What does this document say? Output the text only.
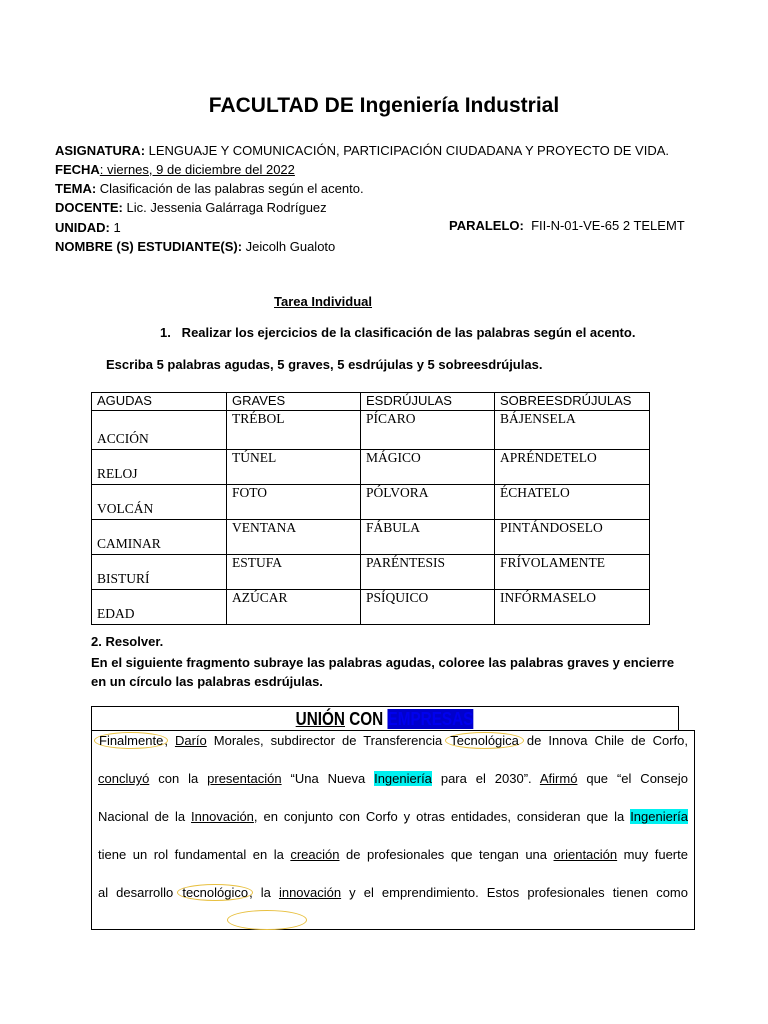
FACULTAD DE Ingeniería Industrial
ASIGNATURA: LENGUAJE Y COMUNICACIÓN, PARTICIPACIÓN CIUDADANA Y PROYECTO DE VIDA.
FECHA: viernes, 9 de diciembre del 2022
TEMA: Clasificación de las palabras según el acento.
DOCENTE: Lic. Jessenia Galárraga Rodríguez
UNIDAD: 1	PARALELO:  FII-N-01-VE-65 2 TELEMT
NOMBRE (S) ESTUDIANTE(S): Jeicolh Gualoto
Tarea Individual
1.   Realizar los ejercicios de la clasificación de las palabras según el acento.
Escriba 5 palabras agudas, 5 graves, 5 esdrújulas y 5 sobreesdrújulas.
AGUDAS	GRAVES	ESDRÚJULAS	SOBREESDRÚJULAS
ACCIÓN	TRÉBOL	PÍCARO	BÁJENSELA
RELOJ	TÚNEL	MÁGICO	APRÉNDETELO
VOLCÁN	FOTO	PÓLVORA	ÉCHATELO
CAMINAR	VENTANA	FÁBULA	PINTÁNDOSELO
BISTURÍ	ESTUFA	PARÉNTESIS	FRÍVOLAMENTE
EDAD	AZÚCAR	PSÍQUICO	INFÓRMASELO
2. Resolver.
En el siguiente fragmento subraye las palabras agudas, coloree las palabras graves y encierre en un círculo las palabras esdrújulas.
UNIÓN CON EMPRESAS
Finalmente, Darío Morales, subdirector de Transferencia Tecnológica de Innova Chile de Corfo,
concluyó con la presentación “Una Nueva Ingeniería para el 2030”. Afirmó que “el Consejo
Nacional de la Innovación, en conjunto con Corfo y otras entidades, consideran que la Ingeniería
tiene un rol fundamental en la creación de profesionales que tengan una orientación muy fuerte
al desarrollo tecnológico, la innovación y el emprendimiento. Estos profesionales tienen como
